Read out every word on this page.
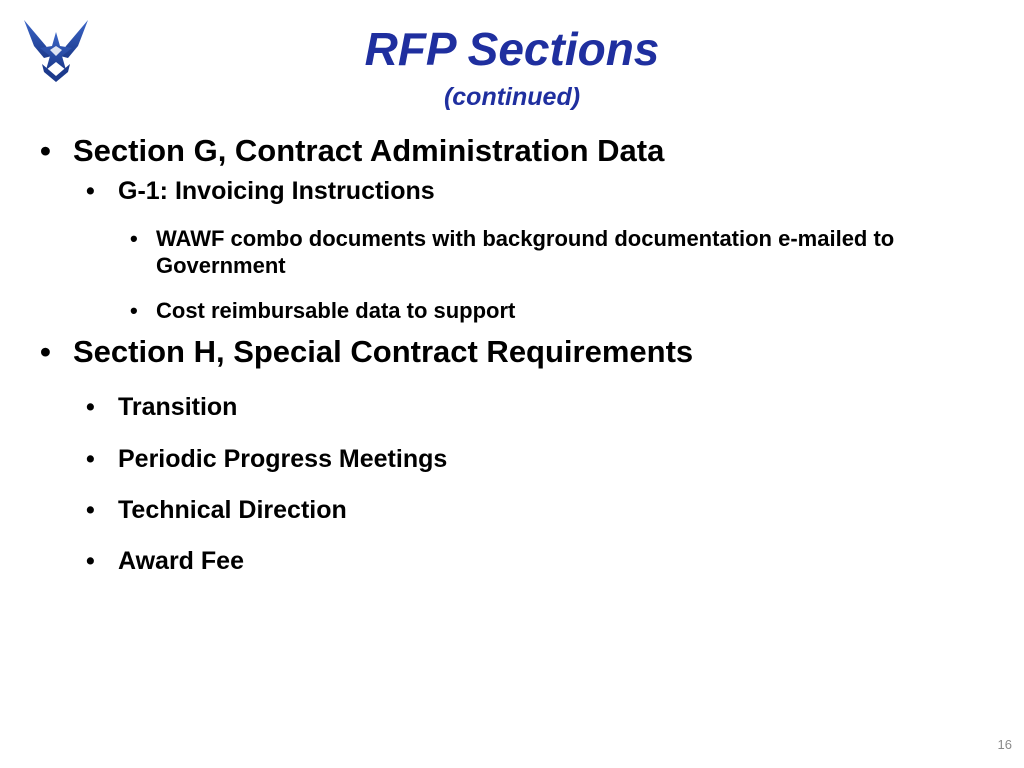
RFP Sections
(continued)
• Section G, Contract Administration Data
• G-1: Invoicing Instructions
• WAWF combo documents with background documentation e-mailed to Government
• Cost reimbursable data to support
• Section H, Special Contract Requirements
• Transition
• Periodic Progress Meetings
• Technical Direction
• Award Fee
16
